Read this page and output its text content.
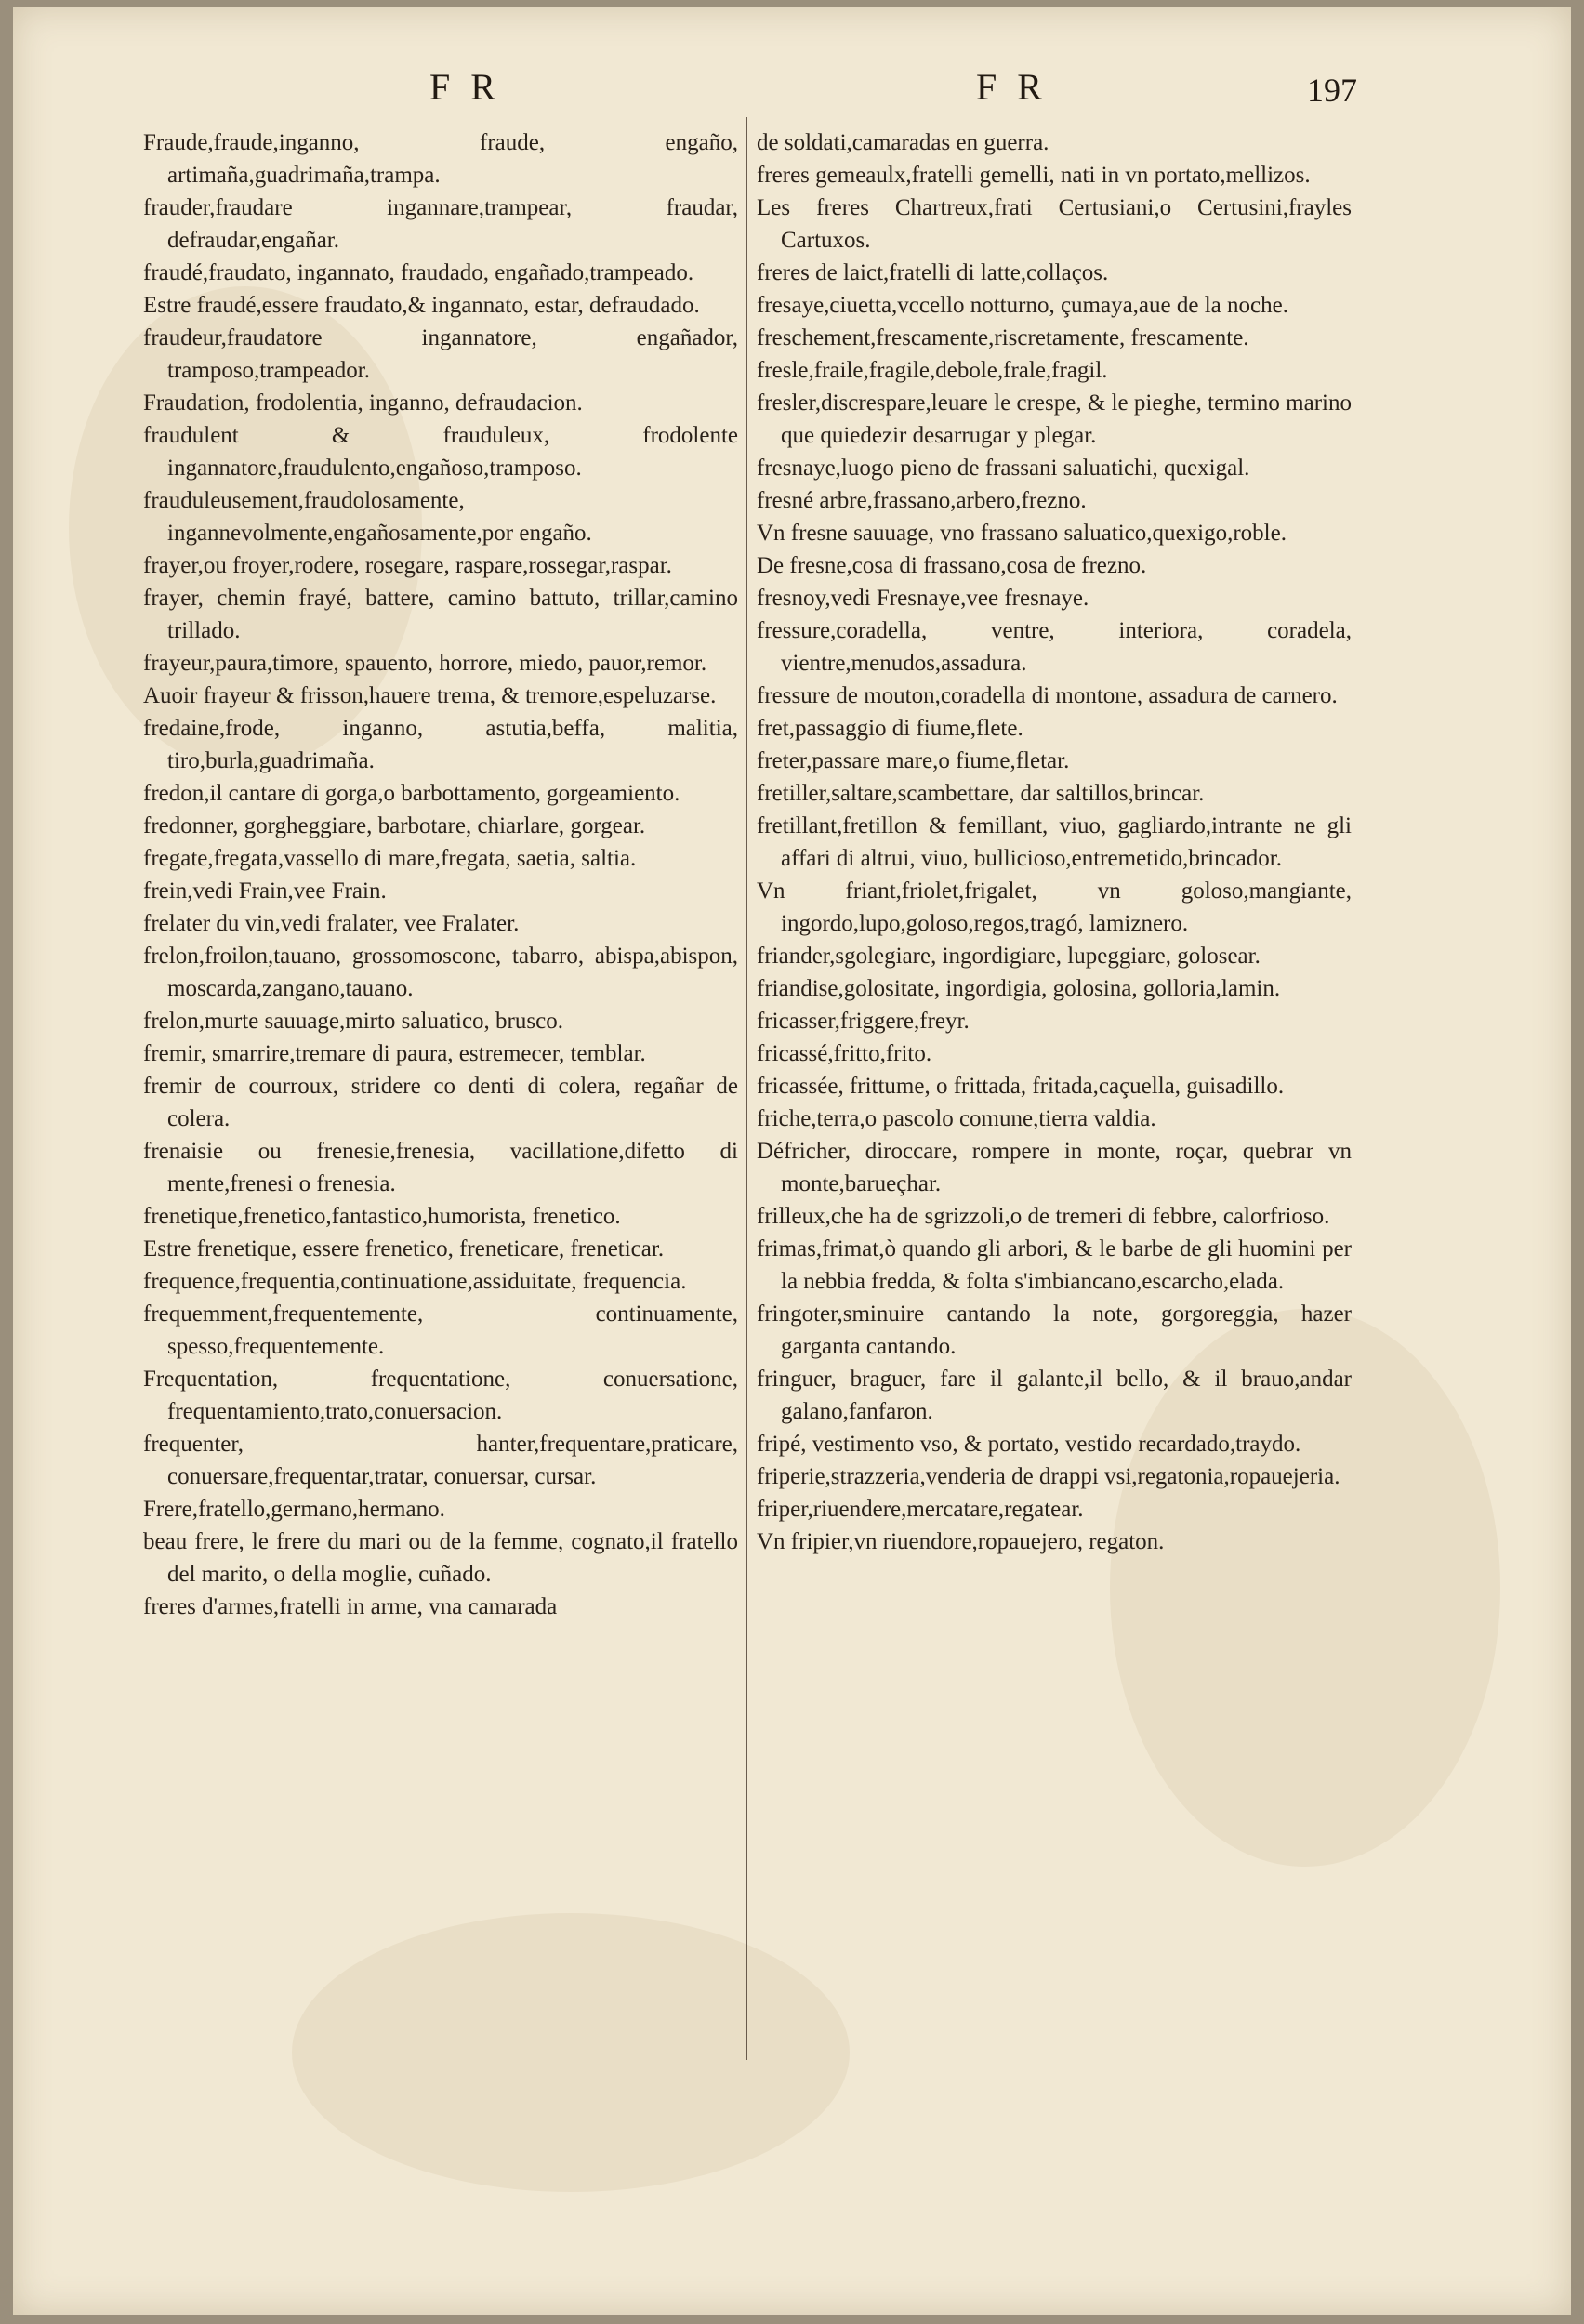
F R	F R	197

Fraude,fraude,inganno, fraude, engaño, artimaña,guadrimaña,trampa.

frauder,fraudare ingannare,trampear, fraudar, defraudar,engañar.

fraudé,fraudato, ingannato, fraudado, engañado,trampeado.

Estre fraudé,essere fraudato,& ingannato, estar, defraudado.

fraudeur,fraudatore ingannatore, engañador, tramposo,trampeador.

Fraudation, frodolentia, inganno, defraudacion.

fraudulent & frauduleux, frodolente ingannatore,fraudulento,engañoso,tramposo.

frauduleusement,fraudolosamente, ingannevolmente,engañosamente,por engaño.

frayer,ou froyer,rodere, rosegare, raspare,rossegar,raspar.

frayer, chemin frayé, battere, camino battuto, trillar,camino trillado.

frayeur,paura,timore, spauento, horrore, miedo, pauor,remor.

Auoir frayeur & frisson,hauere trema, & tremore,espeluzarse.

fredaine,frode, inganno, astutia,beffa, malitia, tiro,burla,guadrimaña.

fredon,il cantare di gorga,o barbottamento, gorgeamiento.

fredonner, gorgheggiare, barbotare, chiarlare, gorgear.

fregate,fregata,vassello di mare,fregata, saetia, saltia.

frein,vedi Frain,vee Frain.

frelater du vin,vedi fralater, vee Fralater.

frelon,froilon,tauano, grossomoscone, tabarro, abispa,abispon, moscarda,zangano,tauano.

frelon,murte sauuage,mirto saluatico, brusco.

fremir, smarrire,tremare di paura, estremecer, temblar.

fremir de courroux, stridere co denti di colera, regañar de colera.

frenaisie ou frenesie,frenesia, vacillatione,difetto di mente,frenesi o frenesia.

frenetique,frenetico,fantastico,humorista, frenetico.

Estre frenetique, essere frenetico, freneticare, freneticar.

frequence,frequentia,continuatione,assiduitate, frequencia.

frequemment,frequentemente, continuamente, spesso,frequentemente.

Frequentation, frequentatione, conuersatione, frequentamiento,trato,conuersacion.

frequenter, hanter,frequentare,praticare, conuersare,frequentar,tratar, conuersar, cursar.

Frere,fratello,germano,hermano.

beau frere, le frere du mari ou de la femme, cognato,il fratello del marito, o della moglie, cuñado.

freres d'armes,fratelli in arme, vna camarada

de soldati,camaradas en guerra.

freres gemeaulx,fratelli gemelli, nati in vn portato,mellizos.

Les freres Chartreux,frati Certusiani,o Certusini,frayles Cartuxos.

freres de laict,fratelli di latte,collaços.

fresaye,ciuetta,vccello notturno, çumaya,aue de la noche.

freschement,frescamente,riscretamente, frescamente.

fresle,fraile,fragile,debole,frale,fragil.

fresler,discrespare,leuare le crespe, & le pieghe, termino marino que quiedezir desarrugar y plegar.

fresnaye,luogo pieno de frassani saluatichi, quexigal.

fresné arbre,frassano,arbero,frezno.

Vn fresne sauuage, vno frassano saluatico,quexigo,roble.

De fresne,cosa di frassano,cosa de frezno.

fresnoy,vedi Fresnaye,vee fresnaye.

fressure,coradella, ventre, interiora, coradela, vientre,menudos,assadura.

fressure de mouton,coradella di montone, assadura de carnero.

fret,passaggio di fiume,flete.

freter,passare mare,o fiume,fletar.

fretiller,saltare,scambettare, dar saltillos,brincar.

fretillant,fretillon & femillant, viuo, gagliardo,intrante ne gli affari di altrui, viuo, bullicioso,entremetido,brincador.

Vn friant,friolet,frigalet, vn goloso,mangiante, ingordo,lupo,goloso,regos,tragó, lamiznero.

friander,sgolegiare, ingordigiare, lupeggiare, golosear.

friandise,golositate, ingordigia, golosina, golloria,lamin.

fricasser,friggere,freyr.

fricassé,fritto,frito.

fricassée, frittume, o frittada, fritada,caçuella, guisadillo.

friche,terra,o pascolo comune,tierra valdia.

Défricher, diroccare, rompere in monte, roçar, quebrar vn monte,barueçhar.

frilleux,che ha de sgrizzoli,o de tremeri di febbre, calorfrioso.

frimas,frimat,ò quando gli arbori, & le barbe de gli huomini per la nebbia fredda, & folta s'imbiancano,escarcho,elada.

fringoter,sminuire cantando la note, gorgoreggia, hazer garganta cantando.

fringuer, braguer, fare il galante,il bello, & il brauo,andar galano,fanfaron.

fripé, vestimento vso, & portato, vestido recardado,traydo.

friperie,strazzeria,venderia de drappi vsi,regatonia,ropauejeria.

friper,riuendere,mercatare,regatear.

Vn fripier,vn riuendore,ropauejero, regaton.
